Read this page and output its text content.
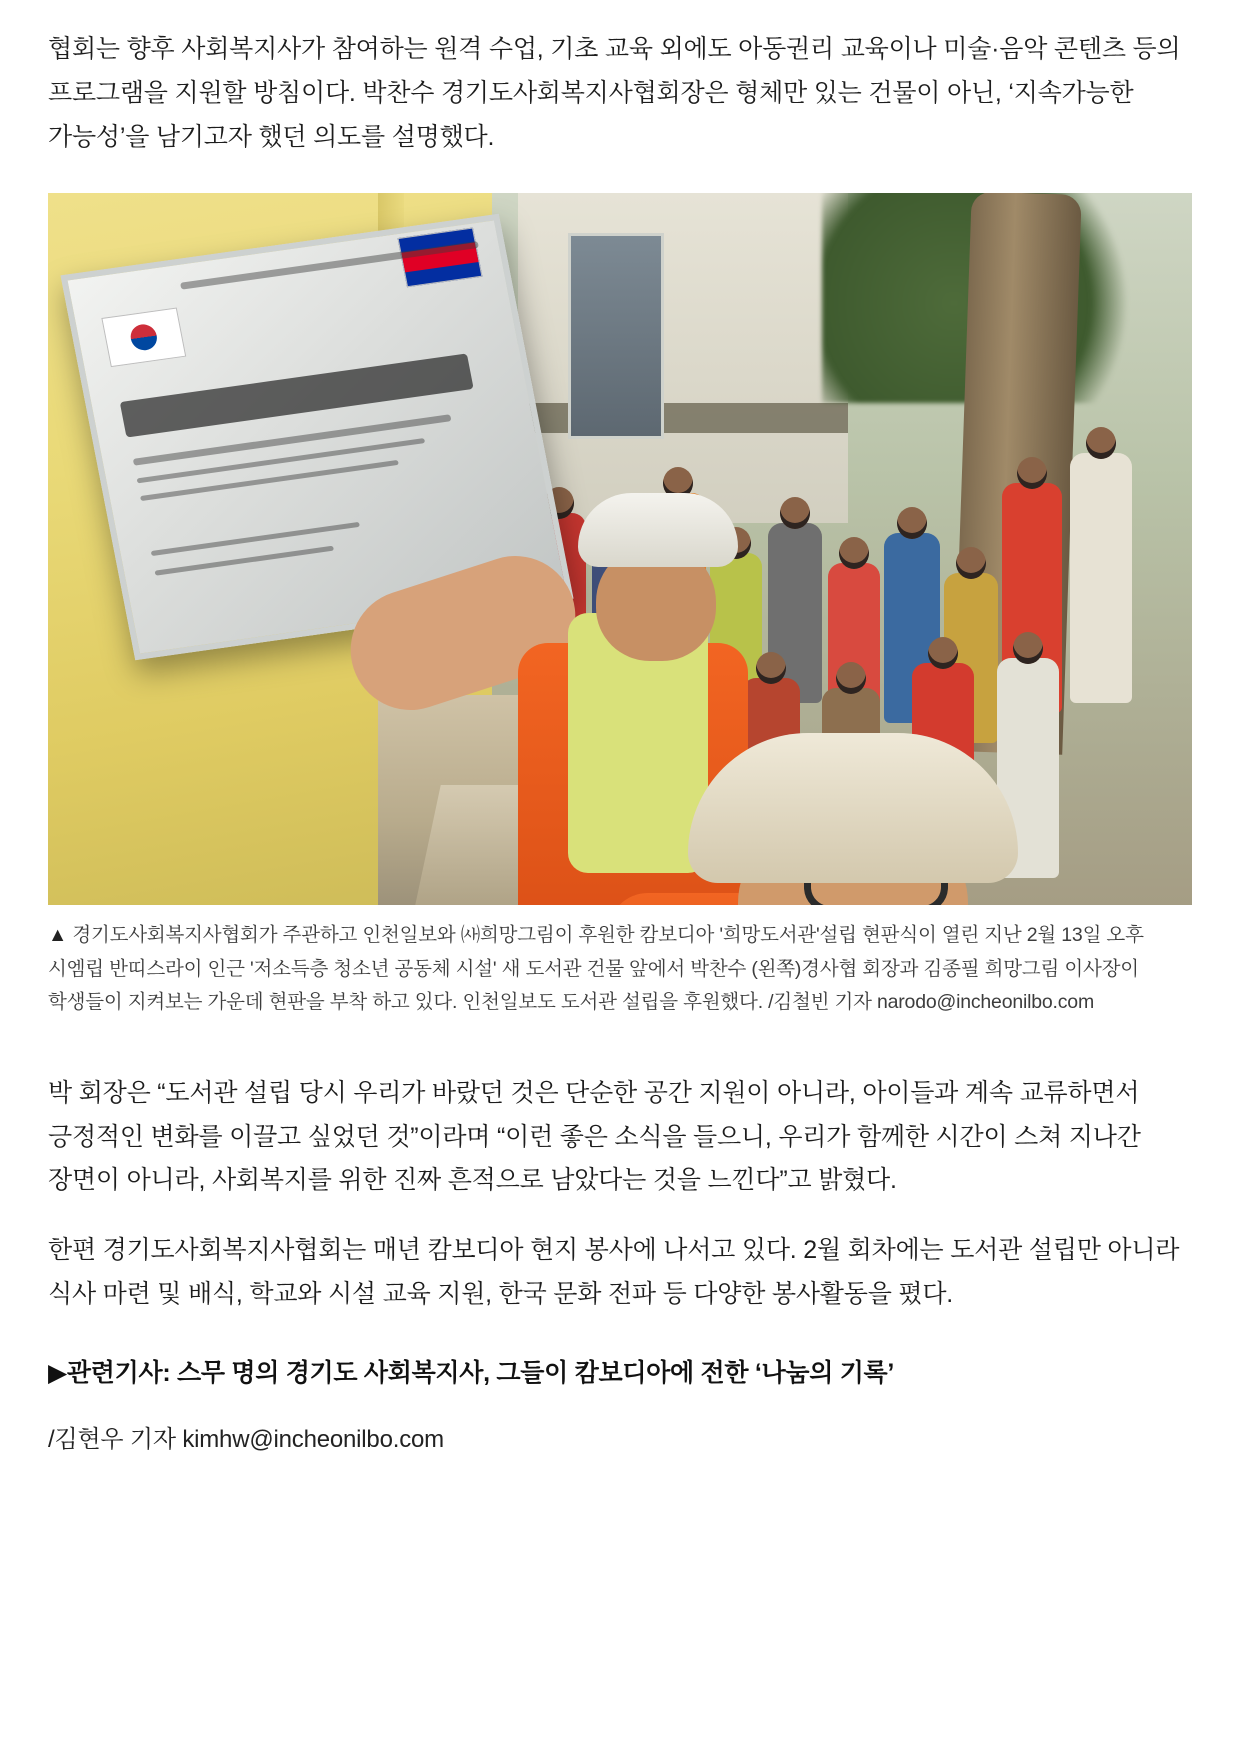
협회는 향후 사회복지사가 참여하는 원격 수업, 기초 교육 외에도 아동권리 교육이나 미술·음악 콘텐츠 등의 프로그램을 지원할 방침이다. 박찬수 경기도사회복지사협회장은 형체만 있는 건물이 아닌, ‘지속가능한 가능성’을 남기고자 했던 의도를 설명했다.

▲ 경기도사회복지사협회가 주관하고 인천일보와 ㈔희망그림이 후원한 캄보디아 '희망도서관'설립 현판식이 열린 지난 2월 13일 오후 시엠립 반띠스라이 인근 '저소득층 청소년 공동체 시설' 새 도서관 건물 앞에서 박찬수 (왼쪽)경사협 회장과 김종필 희망그림 이사장이 학생들이 지켜보는 가운데 현판을 부착 하고 있다. 인천일보도 도서관 설립을 후원했다. /김철빈 기자 narodo@incheonilbo.com

박 회장은 “도서관 설립 당시 우리가 바랐던 것은 단순한 공간 지원이 아니라, 아이들과 계속 교류하면서 긍정적인 변화를 이끌고 싶었던 것”이라며 “이런 좋은 소식을 들으니, 우리가 함께한 시간이 스쳐 지나간 장면이 아니라, 사회복지를 위한 진짜 흔적으로 남았다는 것을 느낀다”고 밝혔다.

한편 경기도사회복지사협회는 매년 캄보디아 현지 봉사에 나서고 있다. 2월 회차에는 도서관 설립만 아니라 식사 마련 및 배식, 학교와 시설 교육 지원, 한국 문화 전파 등 다양한 봉사활동을 폈다.

▶관련기사: 스무 명의 경기도 사회복지사, 그들이 캄보디아에 전한 ‘나눔의 기록’

/김현우 기자 kimhw@incheonilbo.com
